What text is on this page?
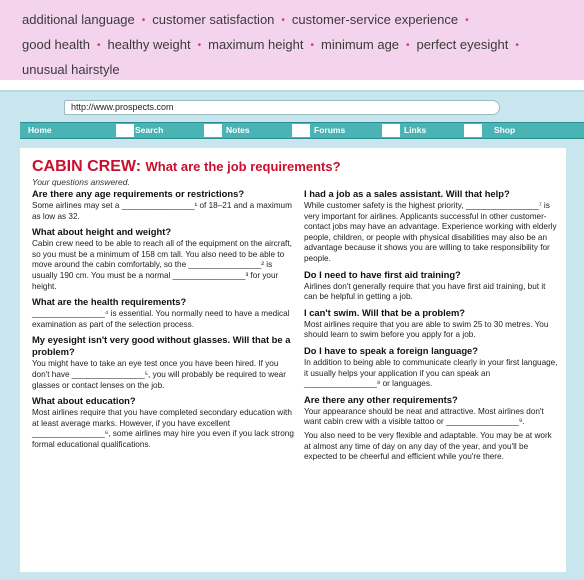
additional language • customer satisfaction • customer-service experience •
good health • healthy weight • maximum height • minimum age • perfect eyesight •
unusual hairstyle
http://www.prospects.com
Home	Search	Notes	Forums	Links	Shop
CABIN CREW: What are the job requirements?
Your questions answered.
Are there any age requirements or restrictions?

Some airlines may set a ________________¹ of 18–21 and a maximum as low as 32.

What about height and weight?

Cabin crew need to be able to reach all of the equipment on the aircraft, so you must be a minimum of 158 cm tall. You also need to be able to move around the cabin comfortably, so the ________________² is usually 190 cm. You must be a normal ________________³ for your height.

What are the health requirements?

________________⁴ is essential. You normally need to have a medical examination as part of the selection process.

My eyesight isn't very good without glasses. Will that be a problem?

You might have to take an eye test once you have been hired. If you don't have ________________⁵, you will probably be required to wear glasses or contact lenses on the job.

What about education?

Most airlines require that you have completed secondary education with at least average marks. However, if you have excellent ________________⁶, some airlines may hire you even if you lack strong formal educational qualifications.

I had a job as a sales assistant. Will that help?

While customer safety is the highest priority, ________________⁷ is very important for airlines. Applicants successful in other customer-contact jobs may have an advantage. Experience working with elderly people, children, or people with physical disabilities may also be an advantage because it shows you are willing to take responsibility for people.

Do I need to have first aid training?

Airlines don't generally require that you have first aid training, but it can be helpful in getting a job.

I can't swim. Will that be a problem?

Most airlines require that you are able to swim 25 to 30 metres. You should learn to swim before you apply for a job.

Do I have to speak a foreign language?

In addition to being able to communicate clearly in your first language, it usually helps your application if you can speak an ________________⁸ or languages.

Are there any other requirements?

Your appearance should be neat and attractive. Most airlines don't want cabin crew with a visible tattoo or ________________⁹.

You also need to be very flexible and adaptable. You may be at work at almost any time of day on any day of the year, and you'll be expected to be cheerful and efficient while you're there.
